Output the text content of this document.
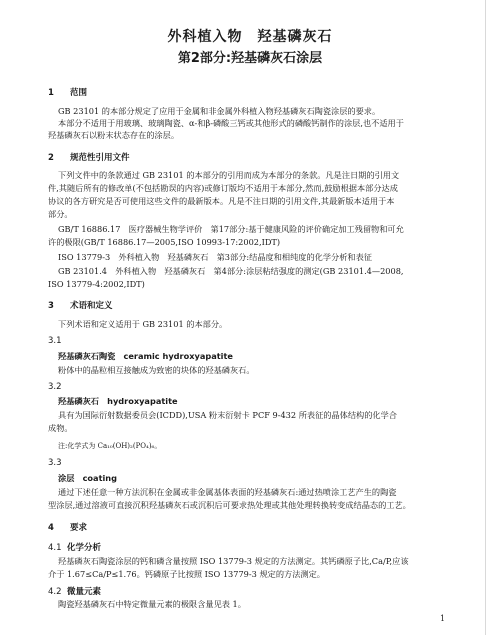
外科植入物　羟基磷灰石
第2部分:羟基磷灰石涂层
1 范围
GB 23101 的本部分规定了应用于金属和非金属外科植入物羟基磷灰石陶瓷涂层的要求。
本部分不适用于用玻璃、玻璃陶瓷、α-和β-磷酸三钙或其他形式的磷酸钙制作的涂层,也不适用于
羟基磷灰石以粉末状态存在的涂层。
2 规范性引用文件
下列文件中的条款通过 GB 23101 的本部分的引用而成为本部分的条款。凡是注日期的引用文
件,其随后所有的修改单(不包括勘误的内容)或修订版均不适用于本部分,然而,鼓励根据本部分达成
协议的各方研究是否可使用这些文件的最新版本。凡是不注日期的引用文件,其最新版本适用于本
部分。
GB/T 16886.17　医疗器械生物学评价　第17部分:基于健康风险的评价确定加工残留物和可允
许的极限(GB/T 16886.17—2005,ISO 10993-17:2002,IDT)
ISO 13779-3　外科植入物　羟基磷灰石　第3部分:结晶度和相纯度的化学分析和表征
GB 23101.4　外科植入物　羟基磷灰石　第4部分:涂层粘结强度的测定(GB 23101.4—2008,
ISO 13779-4:2002,IDT)
3 术语和定义
下列术语和定义适用于 GB 23101 的本部分。
3.1
羟基磷灰石陶瓷　ceramic hydroxyapatite
粉体中的晶粒相互接触成为致密的块体的羟基磷灰石。
3.2
羟基磷灰石　hydroxyapatite
具有为国际衍射数据委员会(ICDD),USA 粉末衍射卡 PCF 9-432 所表征的晶体结构的化学合
成物。
注:化学式为 Ca₁₀(OH)₂(PO₄)₆。
3.3
涂层　coating
通过下述任意一种方法沉积在金属或非金属基体表面的羟基磷灰石:通过热喷涂工艺产生的陶瓷
型涂层,通过溶液可直接沉积羟基磷灰石或沉积后可要求热处理或其他处理转换转变成结晶态的工艺。
4 要求
4.1 化学分析
羟基磷灰石陶瓷涂层的钙和磷含量按照 ISO 13779-3 规定的方法测定。其钙磷原子比,Ca/P,应该
介于 1.67≤Ca/P≤1.76。钙磷原子比按照 ISO 13779-3 规定的方法测定。
4.2 微量元素
陶瓷羟基磷灰石中特定微量元素的极限含量见表 1。
1
